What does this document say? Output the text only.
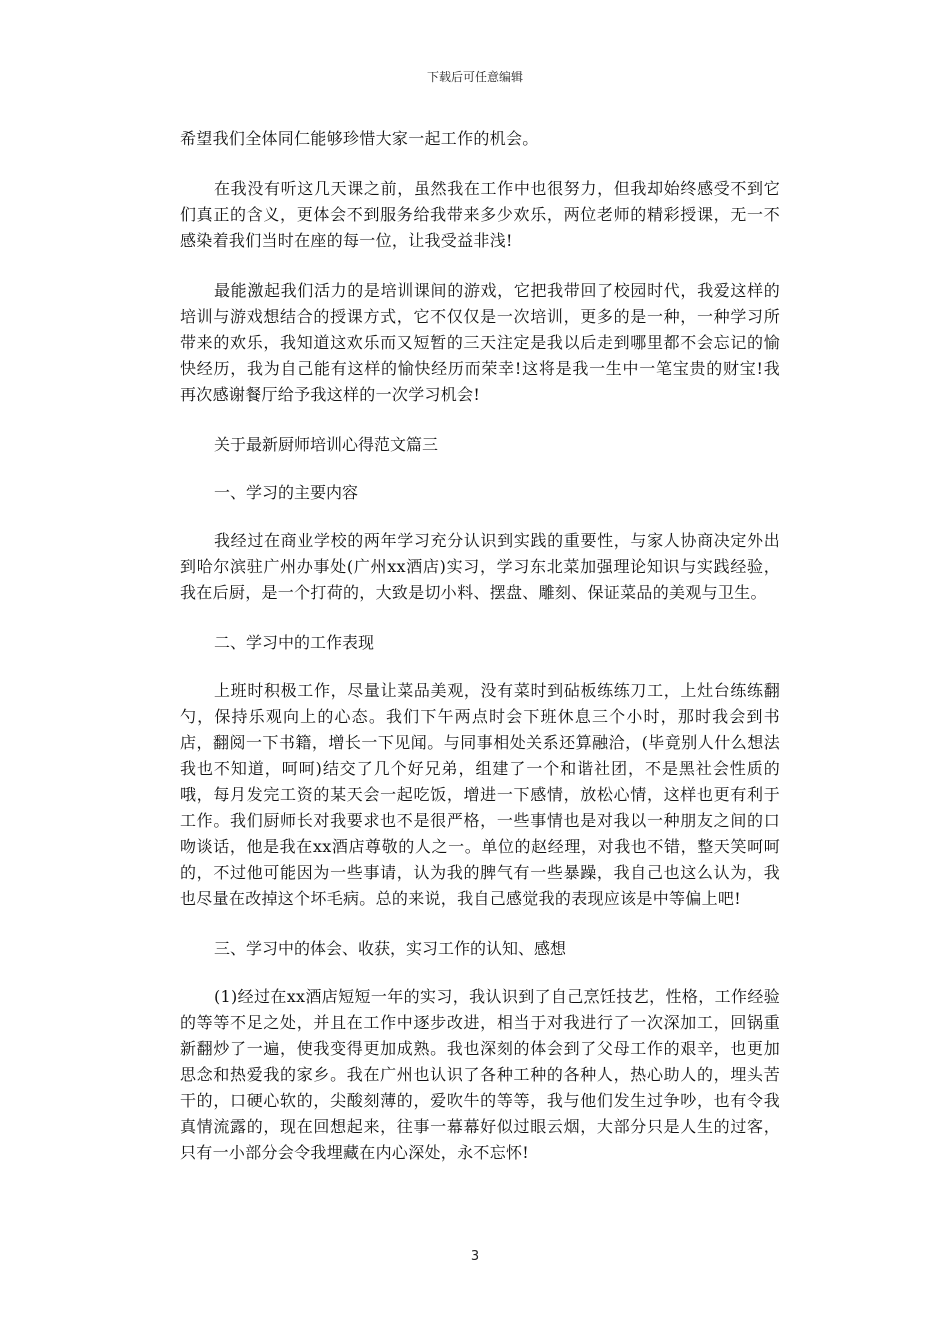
下载后可任意编辑

希望我们全体同仁能够珍惜大家一起工作的机会。

在我没有听这几天课之前，虽然我在工作中也很努力，但我却始终感受不到它们真正的含义，更体会不到服务给我带来多少欢乐，两位老师的精彩授课，无一不感染着我们当时在座的每一位，让我受益非浅!

最能激起我们活力的是培训课间的游戏，它把我带回了校园时代，我爱这样的培训与游戏想结合的授课方式，它不仅仅是一次培训，更多的是一种，一种学习所带来的欢乐，我知道这欢乐而又短暂的三天注定是我以后走到哪里都不会忘记的愉快经历，我为自己能有这样的愉快经历而荣幸!这将是我一生中一笔宝贵的财宝!我再次感谢餐厅给予我这样的一次学习机会!

关于最新厨师培训心得范文篇三

一、学习的主要内容

我经过在商业学校的两年学习充分认识到实践的重要性，与家人协商决定外出到哈尔滨驻广州办事处(广州xx酒店)实习，学习东北菜加强理论知识与实践经验，我在后厨，是一个打荷的，大致是切小料、摆盘、雕刻、保证菜品的美观与卫生。

二、学习中的工作表现

上班时积极工作，尽量让菜品美观，没有菜时到砧板练练刀工，上灶台练练翻勺，保持乐观向上的心态。我们下午两点时会下班休息三个小时，那时我会到书店，翻阅一下书籍，增长一下见闻。与同事相处关系还算融洽，(毕竟别人什么想法我也不知道，呵呵)结交了几个好兄弟，组建了一个和谐社团，不是黑社会性质的哦，每月发完工资的某天会一起吃饭，增进一下感情，放松心情，这样也更有利于工作。我们厨师长对我要求也不是很严格，一些事情也是对我以一种朋友之间的口吻谈话，他是我在xx酒店尊敬的人之一。单位的赵经理，对我也不错，整天笑呵呵的，不过他可能因为一些事请，认为我的脾气有一些暴躁，我自己也这么认为，我也尽量在改掉这个坏毛病。总的来说，我自己感觉我的表现应该是中等偏上吧!

三、学习中的体会、收获，实习工作的认知、感想

(1)经过在xx酒店短短一年的实习，我认识到了自己烹饪技艺，性格，工作经验的等等不足之处，并且在工作中逐步改进，相当于对我进行了一次深加工，回锅重新翻炒了一遍，使我变得更加成熟。我也深刻的体会到了父母工作的艰辛，也更加思念和热爱我的家乡。我在广州也认识了各种工种的各种人，热心助人的，埋头苦干的，口硬心软的，尖酸刻薄的，爱吹牛的等等，我与他们发生过争吵，也有令我真情流露的，现在回想起来，往事一幕幕好似过眼云烟，大部分只是人生的过客，只有一小部分会令我埋藏在内心深处，永不忘怀!

3
